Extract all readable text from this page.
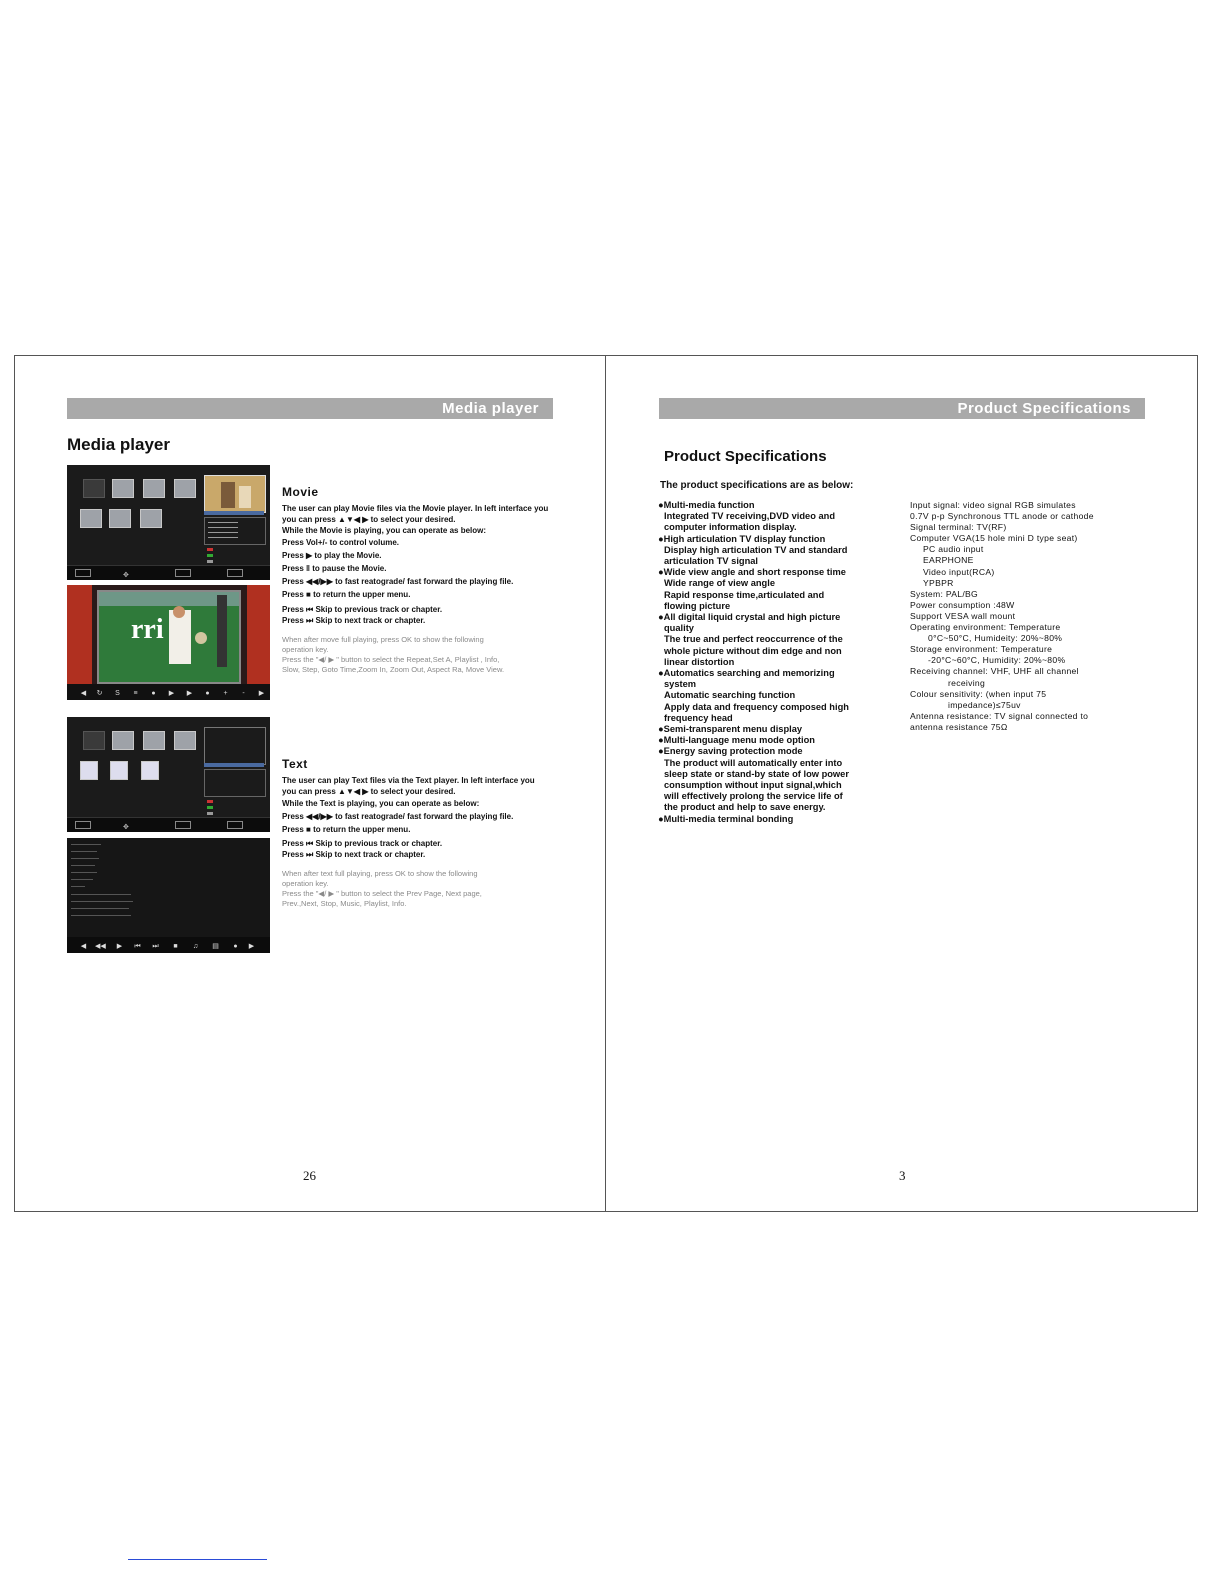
Media player
Media player
✥
rri
◀ ↻	S	≡	●	▶ ▶	●	+	-	▶
Movie
The user can play Movie files via the Movie player. In left interface you
you can press ▲▼◀ ▶ to select your desired.
While the Movie is playing, you can operate as below:
Press Vol+/- to control volume.
Press ▶ to play the Movie.
Press ‖ to pause the Movie.
Press ◀◀/▶▶ to fast reatograde/ fast forward the playing file.
Press ■ to return the upper menu.
Press ⏮ Skip to previous track or chapter.
Press ⏭ Skip to next track or chapter.
When after move full playing, press OK to show the following
operation key.
Press the "◀/ ▶ " button to select the Repeat,Set A, Playlist , Info,
Slow, Step, Goto Time,Zoom In, Zoom Out, Aspect Ra, Move View.
✥
◀ ◀◀ ▶ ⏮ ⏭	■	♫ ▤	●	▶
Text
The user can play Text files via the Text player. In left interface you
you can press ▲▼◀ ▶ to select your desired.
While the Text is playing, you can operate as below:
Press ◀◀/▶▶ to fast reatograde/ fast forward the playing file.
Press ■ to return the upper menu.
Press ⏮ Skip to previous track or chapter.
Press ⏭ Skip to next track or chapter.
When after text full playing, press OK to show the following
operation key.
Press the "◀/ ▶ " button to select the Prev Page, Next page,
Prev.,Next, Stop, Music, Playlist, Info.
26
Product Specifications
Product Specifications
The product specifications are as below:
●Multi-media function
Integrated TV receiving,DVD video and
computer information display.
●High articulation TV display function
Display high articulation TV and standard
articulation TV signal
●Wide view angle and short response time
Wide range of view angle
Rapid response time,articulated and
flowing picture
●All digital liquid crystal and high picture
quality
The true and perfect reoccurrence of the
whole picture without dim edge and non
linear distortion
●Automatics searching and memorizing
system
Automatic searching function
Apply data and frequency composed high
frequency head
●Semi-transparent menu display
●Multi-language menu mode option
●Energy saving protection mode
The product will automatically enter into
sleep state or stand-by state of low power
consumption without input signal,which
will effectively prolong the service life of
the product and help to save energy.
●Multi-media terminal bonding
Input signal: video signal RGB simulates
0.7V p-p Synchronous TTL anode or cathode
Signal terminal: TV(RF)
Computer VGA(15 hole mini D type seat)
PC audio input
EARPHONE
Video input(RCA)
YPBPR
System: PAL/BG
Power consumption :48W
Support VESA wall mount
Operating environment: Temperature
0°C~50°C, Humideity: 20%~80%
Storage environment: Temperature
-20°C~60°C, Humidity: 20%~80%
Receiving channel: VHF, UHF all channel
receiving
Colour sensitivity: (when input 75
impedance)≤75uv
Antenna resistance: TV signal connected to
antenna resistance 75Ω
3
